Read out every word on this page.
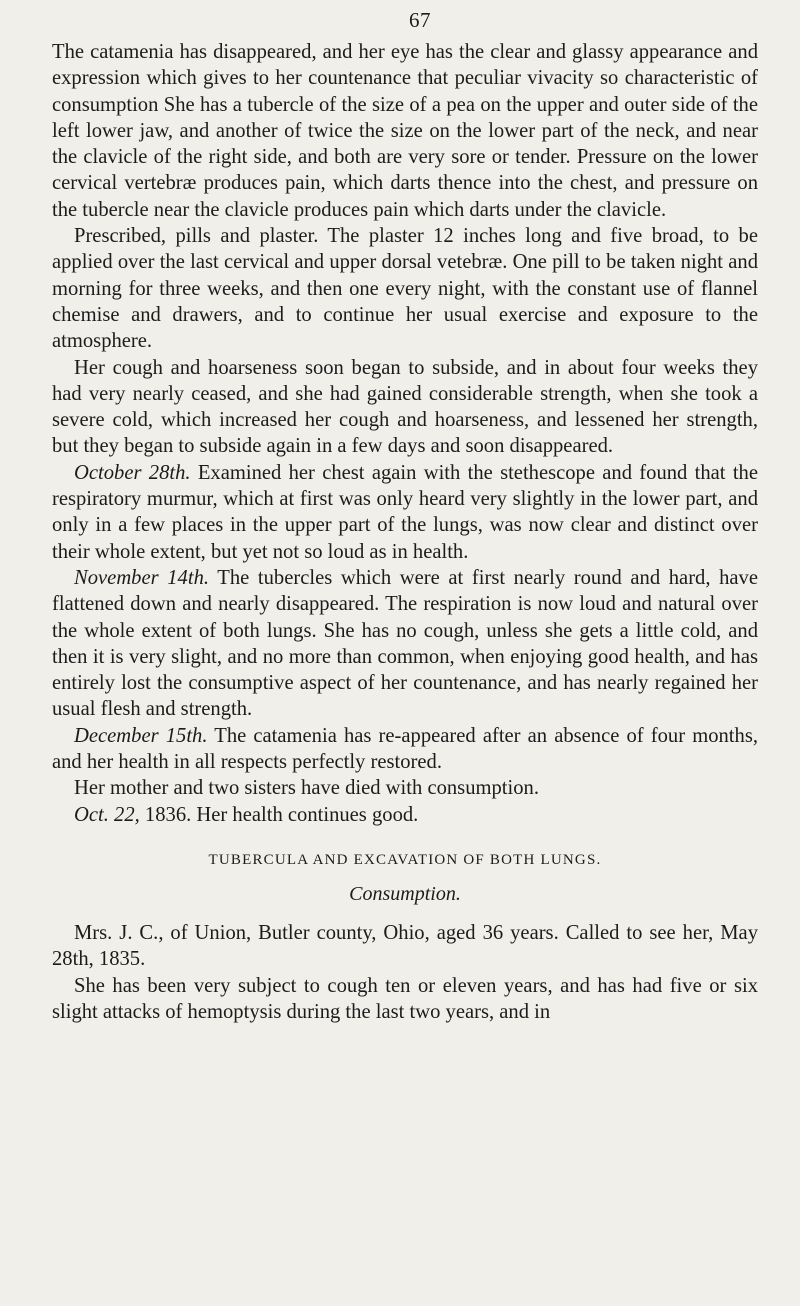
67

The catamenia has disappeared, and her eye has the clear and glassy appearance and expression which gives to her countenance that peculiar vivacity so characteristic of consumption She has a tubercle of the size of a pea on the upper and outer side of the left lower jaw, and another of twice the size on the lower part of the neck, and near the clavicle of the right side, and both are very sore or tender. Pressure on the lower cervical vertebræ produces pain, which darts thence into the chest, and pressure on the tubercle near the clavicle produces pain which darts under the clavicle.

Prescribed, pills and plaster. The plaster 12 inches long and five broad, to be applied over the last cervical and upper dorsal vetebræ. One pill to be taken night and morning for three weeks, and then one every night, with the constant use of flannel chemise and drawers, and to continue her usual exercise and exposure to the atmosphere.

Her cough and hoarseness soon began to subside, and in about four weeks they had very nearly ceased, and she had gained considerable strength, when she took a severe cold, which increased her cough and hoarseness, and lessened her strength, but they began to subside again in a few days and soon disappeared.

October 28th. Examined her chest again with the stethescope and found that the respiratory murmur, which at first was only heard very slightly in the lower part, and only in a few places in the upper part of the lungs, was now clear and distinct over their whole extent, but yet not so loud as in health.

November 14th. The tubercles which were at first nearly round and hard, have flattened down and nearly disappeared. The respiration is now loud and natural over the whole extent of both lungs. She has no cough, unless she gets a little cold, and then it is very slight, and no more than common, when enjoying good health, and has entirely lost the consumptive aspect of her countenance, and has nearly regained her usual flesh and strength.

December 15th. The catamenia has re-appeared after an absence of four months, and her health in all respects perfectly restored.

Her mother and two sisters have died with consumption.

Oct. 22, 1836. Her health continues good.

TUBERCULA AND EXCAVATION OF BOTH LUNGS.
Consumption.

Mrs. J. C., of Union, Butler county, Ohio, aged 36 years. Called to see her, May 28th, 1835.

She has been very subject to cough ten or eleven years, and has had five or six slight attacks of hemoptysis during the last two years, and in
